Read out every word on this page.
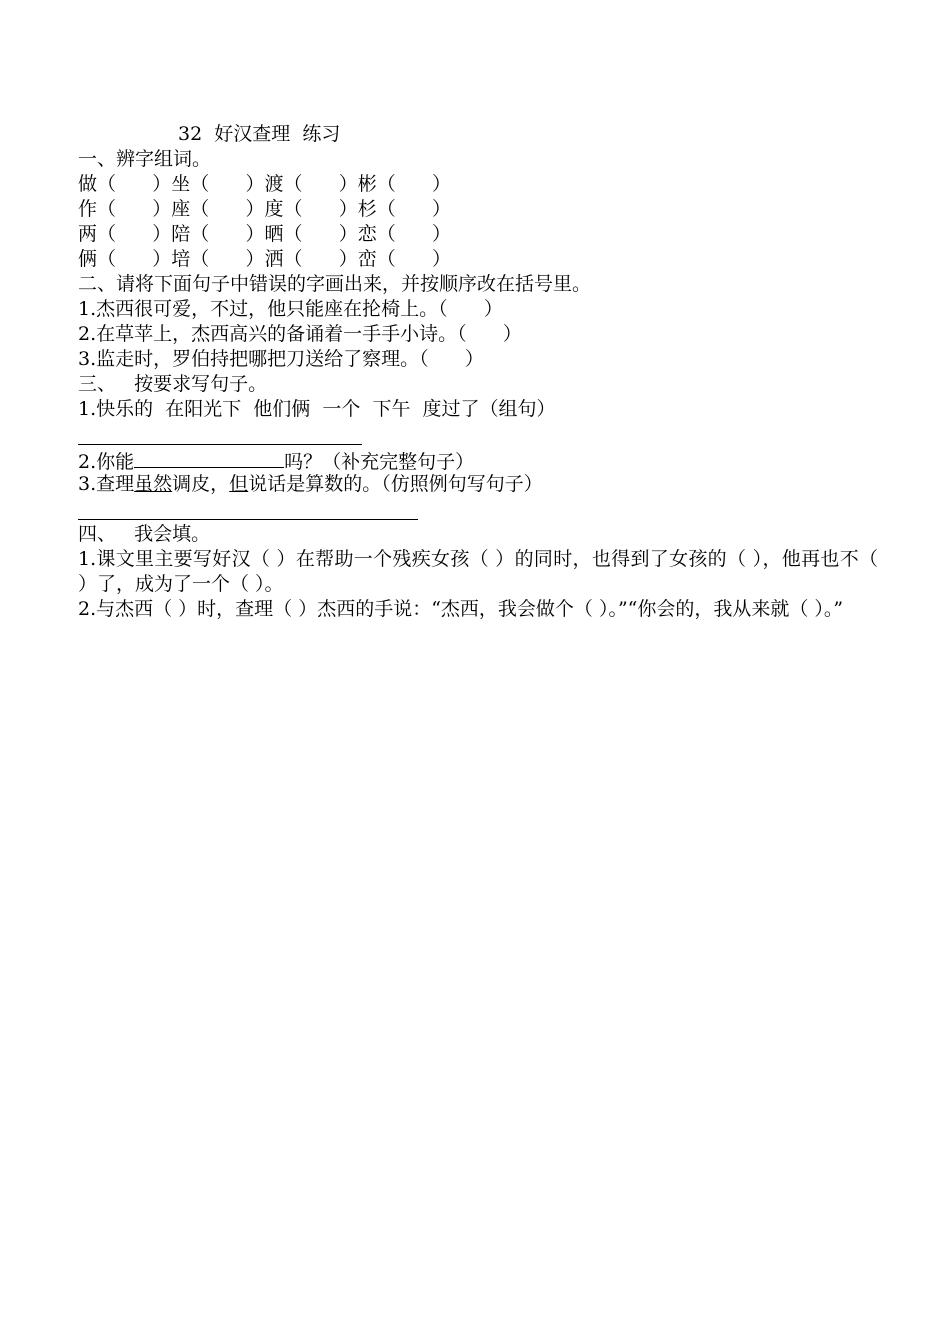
32  好汉查理  练习
一、辨字组词。
做（      ）坐（      ）渡（      ）彬（      ）
作（      ）座（      ）度（      ）杉（      ）
两（      ）陪（      ）晒（      ）恋（      ）
俩（      ）培（      ）洒（      ）峦（      ）
二、请将下面句子中错误的字画出来，并按顺序改在括号里。
1.杰西很可爱，不过，他只能座在抡椅上。（      ）
2.在草苹上，杰西高兴的备诵着一手手小诗。（      ）
3.监走时，罗伯持把哪把刀送给了察理。（      ）
三、   按要求写句子。
1.快乐的  在阳光下  他们俩  一个  下午  度过了（组句）
2.你能	吗？（补充完整句子）
3.查理虽然调皮，但说话是算数的。（仿照例句写句子）
四、   我会填。
1.课文里主要写好汉（ ）在帮助一个残疾女孩（ ）的同时，也得到了女孩的（ ），他再也不（ ）了，成为了一个（ ）。
2.与杰西（ ）时，查理（ ）杰西的手说：“杰西，我会做个（ ）。”“你会的，我从来就（ ）。”
